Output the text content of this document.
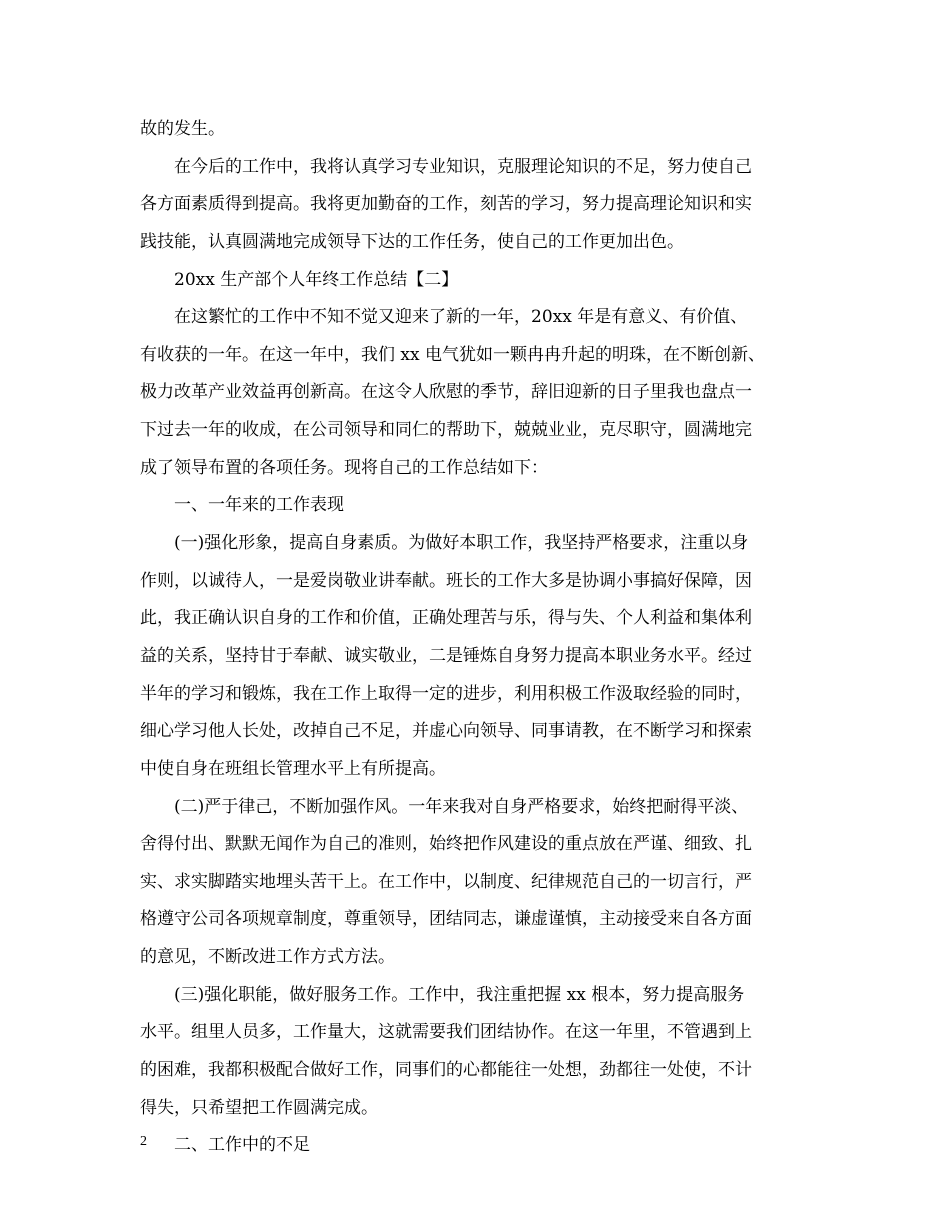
故的发生。
在今后的工作中，我将认真学习专业知识，克服理论知识的不足，努力使自己
各方面素质得到提高。我将更加勤奋的工作，刻苦的学习，努力提高理论知识和实
践技能，认真圆满地完成领导下达的工作任务，使自己的工作更加出色。
20xx 生产部个人年终工作总结【二】
在这繁忙的工作中不知不觉又迎来了新的一年，20xx 年是有意义、有价值、
有收获的一年。在这一年中，我们 xx 电气犹如一颗冉冉升起的明珠，在不断创新、
极力改革产业效益再创新高。在这令人欣慰的季节，辞旧迎新的日子里我也盘点一
下过去一年的收成，在公司领导和同仁的帮助下，兢兢业业，克尽职守，圆满地完
成了领导布置的各项任务。现将自己的工作总结如下：
一、一年来的工作表现
(一)强化形象，提高自身素质。为做好本职工作，我坚持严格要求，注重以身
作则，以诚待人，一是爱岗敬业讲奉献。班长的工作大多是协调小事搞好保障，因
此，我正确认识自身的工作和价值，正确处理苦与乐，得与失、个人利益和集体利
益的关系，坚持甘于奉献、诚实敬业，二是锤炼自身努力提高本职业务水平。经过
半年的学习和锻炼，我在工作上取得一定的进步，利用积极工作汲取经验的同时，
细心学习他人长处，改掉自己不足，并虚心向领导、同事请教，在不断学习和探索
中使自身在班组长管理水平上有所提高。
(二)严于律己，不断加强作风。一年来我对自身严格要求，始终把耐得平淡、
舍得付出、默默无闻作为自己的准则，始终把作风建设的重点放在严谨、细致、扎
实、求实脚踏实地埋头苦干上。在工作中，以制度、纪律规范自己的一切言行，严
格遵守公司各项规章制度，尊重领导，团结同志，谦虚谨慎，主动接受来自各方面
的意见，不断改进工作方式方法。
(三)强化职能，做好服务工作。工作中，我注重把握 xx 根本，努力提高服务
水平。组里人员多，工作量大，这就需要我们团结协作。在这一年里，不管遇到上
的困难，我都积极配合做好工作，同事们的心都能往一处想，劲都往一处使，不计
得失，只希望把工作圆满完成。
二、工作中的不足
2
